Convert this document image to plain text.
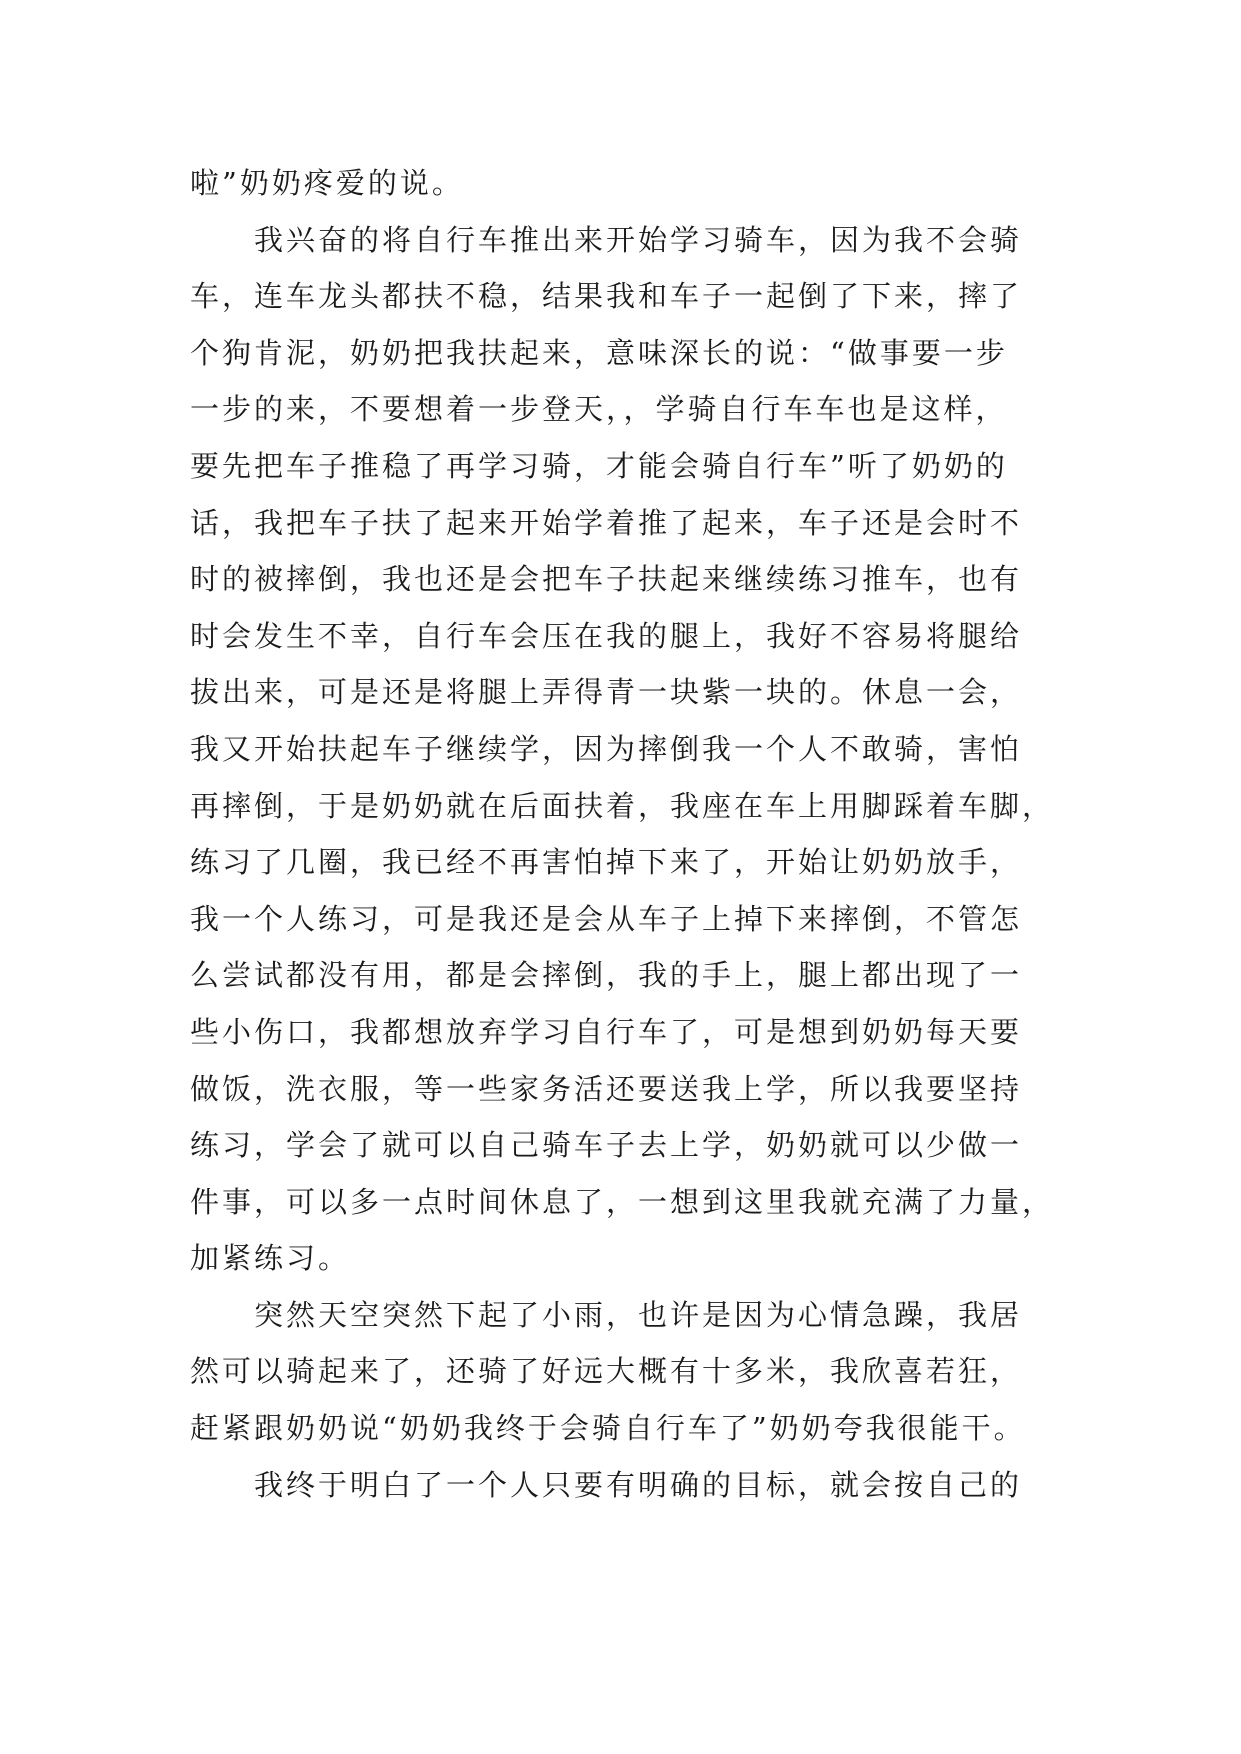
啦”奶奶疼爱的说。
我兴奋的将自行车推出来开始学习骑车，因为我不会骑
车，连车龙头都扶不稳，结果我和车子一起倒了下来，摔了
个狗肯泥，奶奶把我扶起来，意味深长的说：“做事要一步
一步的来，不要想着一步登天，，学骑自行车车也是这样，
要先把车子推稳了再学习骑，才能会骑自行车”听了奶奶的
话，我把车子扶了起来开始学着推了起来，车子还是会时不
时的被摔倒，我也还是会把车子扶起来继续练习推车，也有
时会发生不幸，自行车会压在我的腿上，我好不容易将腿给
拔出来，可是还是将腿上弄得青一块紫一块的。休息一会，
我又开始扶起车子继续学，因为摔倒我一个人不敢骑，害怕
再摔倒，于是奶奶就在后面扶着，我座在车上用脚踩着车脚，
练习了几圈，我已经不再害怕掉下来了，开始让奶奶放手，
我一个人练习，可是我还是会从车子上掉下来摔倒，不管怎
么尝试都没有用，都是会摔倒，我的手上，腿上都出现了一
些小伤口，我都想放弃学习自行车了，可是想到奶奶每天要
做饭，洗衣服，等一些家务活还要送我上学，所以我要坚持
练习，学会了就可以自己骑车子去上学，奶奶就可以少做一
件事，可以多一点时间休息了，一想到这里我就充满了力量，
加紧练习。
突然天空突然下起了小雨，也许是因为心情急躁，我居
然可以骑起来了，还骑了好远大概有十多米，我欣喜若狂，
赶紧跟奶奶说“奶奶我终于会骑自行车了”奶奶夸我很能干。
我终于明白了一个人只要有明确的目标，就会按自己的
